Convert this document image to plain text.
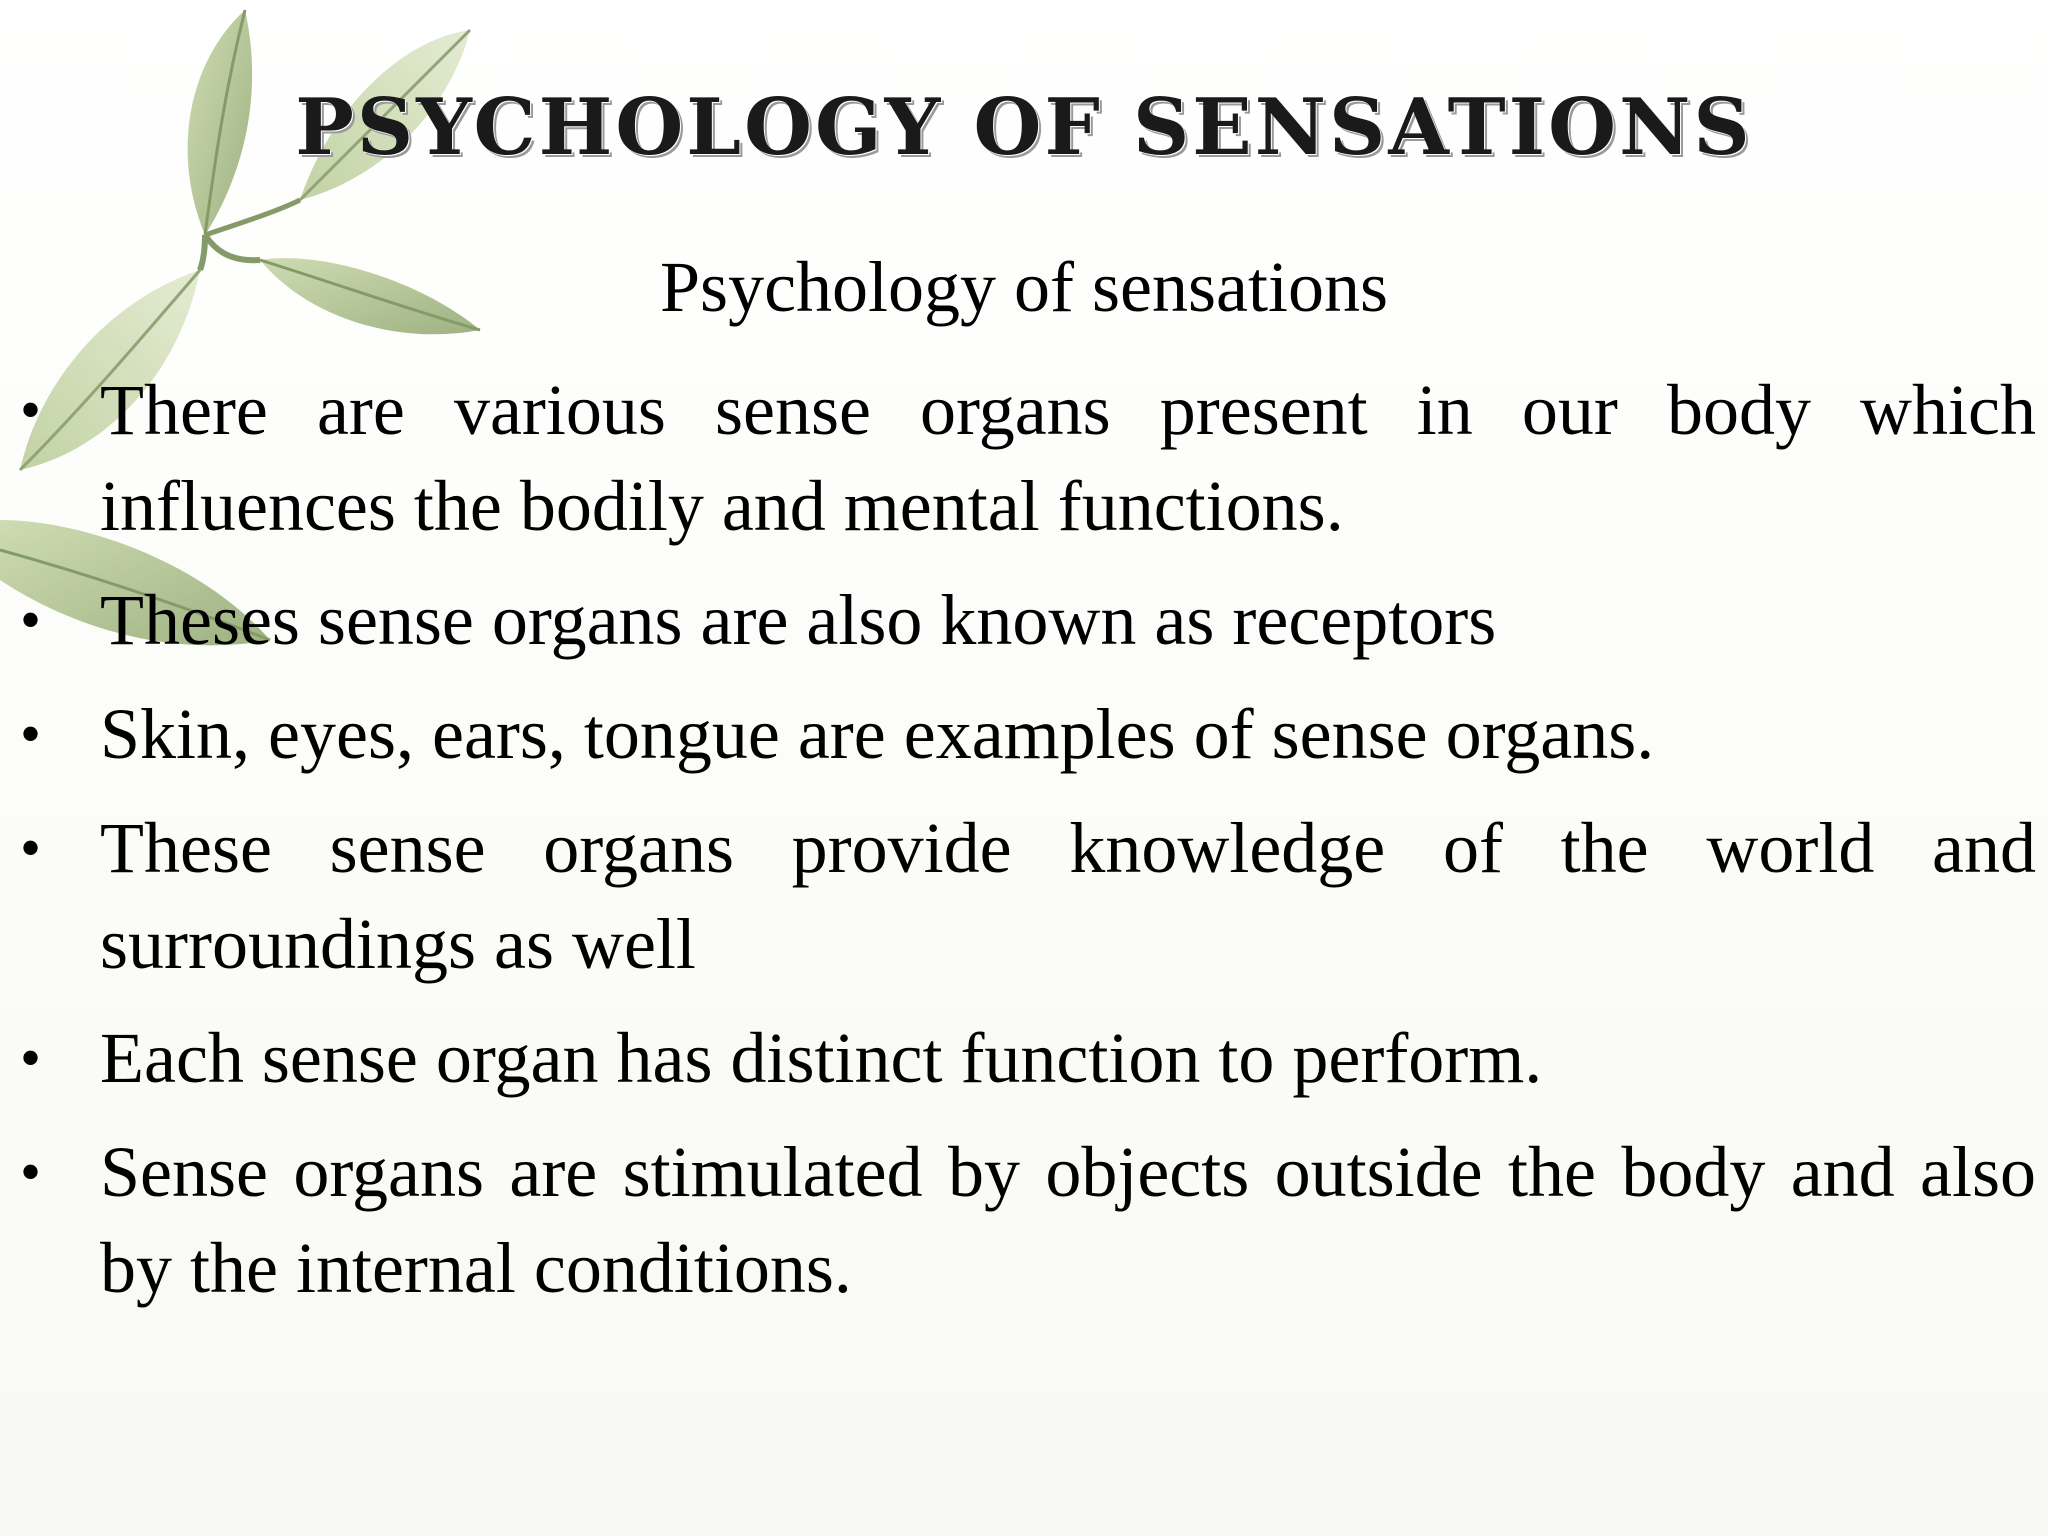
PSYCHOLOGY OF SENSATIONS
Psychology of sensations
• There are various sense organs present in our body which influences the bodily and mental functions.
• Theses sense organs are also known as receptors
• Skin, eyes, ears, tongue are examples of sense organs.
• These sense organs provide knowledge of the world and surroundings as well
• Each sense organ has distinct function to perform.
• Sense organs are stimulated by objects outside the body and also by the internal conditions.
